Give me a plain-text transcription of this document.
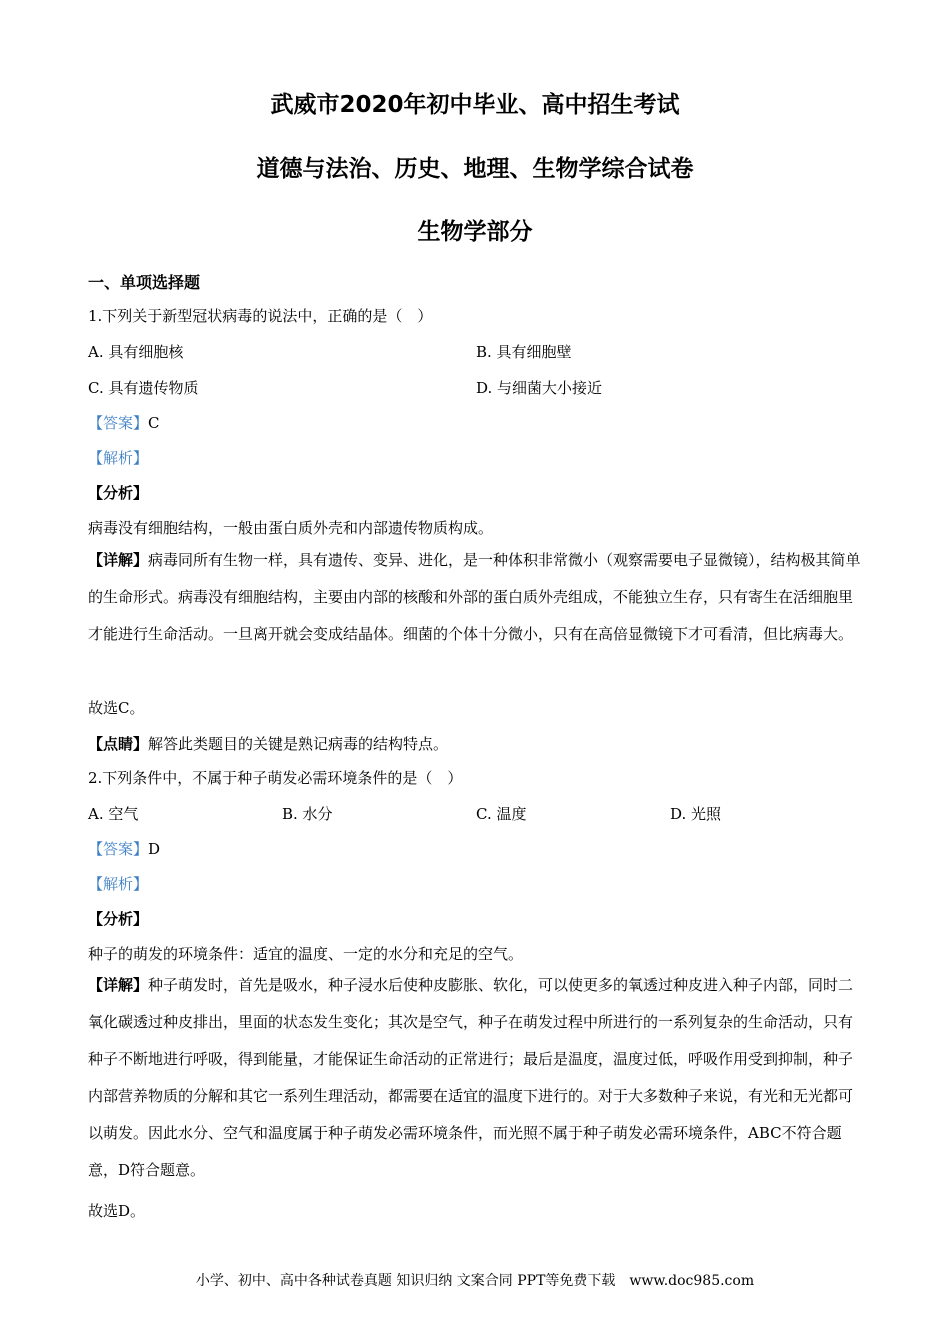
武威市2020年初中毕业、高中招生考试
道德与法治、历史、地理、生物学综合试卷
生物学部分
一、单项选择题
1.下列关于新型冠状病毒的说法中，正确的是（　）
A. 具有细胞核	B. 具有细胞壁
C. 具有遗传物质	D. 与细菌大小接近
【答案】C
【解析】
【分析】
病毒没有细胞结构，一般由蛋白质外壳和内部遗传物质构成。
【详解】病毒同所有生物一样，具有遗传、变异、进化，是一种体积非常微小（观察需要电子显微镜），结构极其简单的生命形式。病毒没有细胞结构，主要由内部的核酸和外部的蛋白质外壳组成，不能独立生存，只有寄生在活细胞里才能进行生命活动。一旦离开就会变成结晶体。细菌的个体十分微小，只有在高倍显微镜下才可看清，但比病毒大。
故选C。
【点睛】解答此类题目的关键是熟记病毒的结构特点。
2.下列条件中，不属于种子萌发必需环境条件的是（　）
A. 空气	B. 水分	C. 温度	D. 光照
【答案】D
【解析】
【分析】
种子的萌发的环境条件：适宜的温度、一定的水分和充足的空气。
【详解】种子萌发时，首先是吸水，种子浸水后使种皮膨胀、软化，可以使更多的氧透过种皮进入种子内部，同时二氧化碳透过种皮排出，里面的状态发生变化；其次是空气，种子在萌发过程中所进行的一系列复杂的生命活动，只有种子不断地进行呼吸，得到能量，才能保证生命活动的正常进行；最后是温度，温度过低，呼吸作用受到抑制，种子内部营养物质的分解和其它一系列生理活动，都需要在适宜的温度下进行的。对于大多数种子来说，有光和无光都可以萌发。因此水分、空气和温度属于种子萌发必需环境条件，而光照不属于种子萌发必需环境条件，ABC不符合题意，D符合题意。
故选D。
小学、初中、高中各种试卷真题 知识归纳 文案合同 PPT等免费下载　www.doc985.com
